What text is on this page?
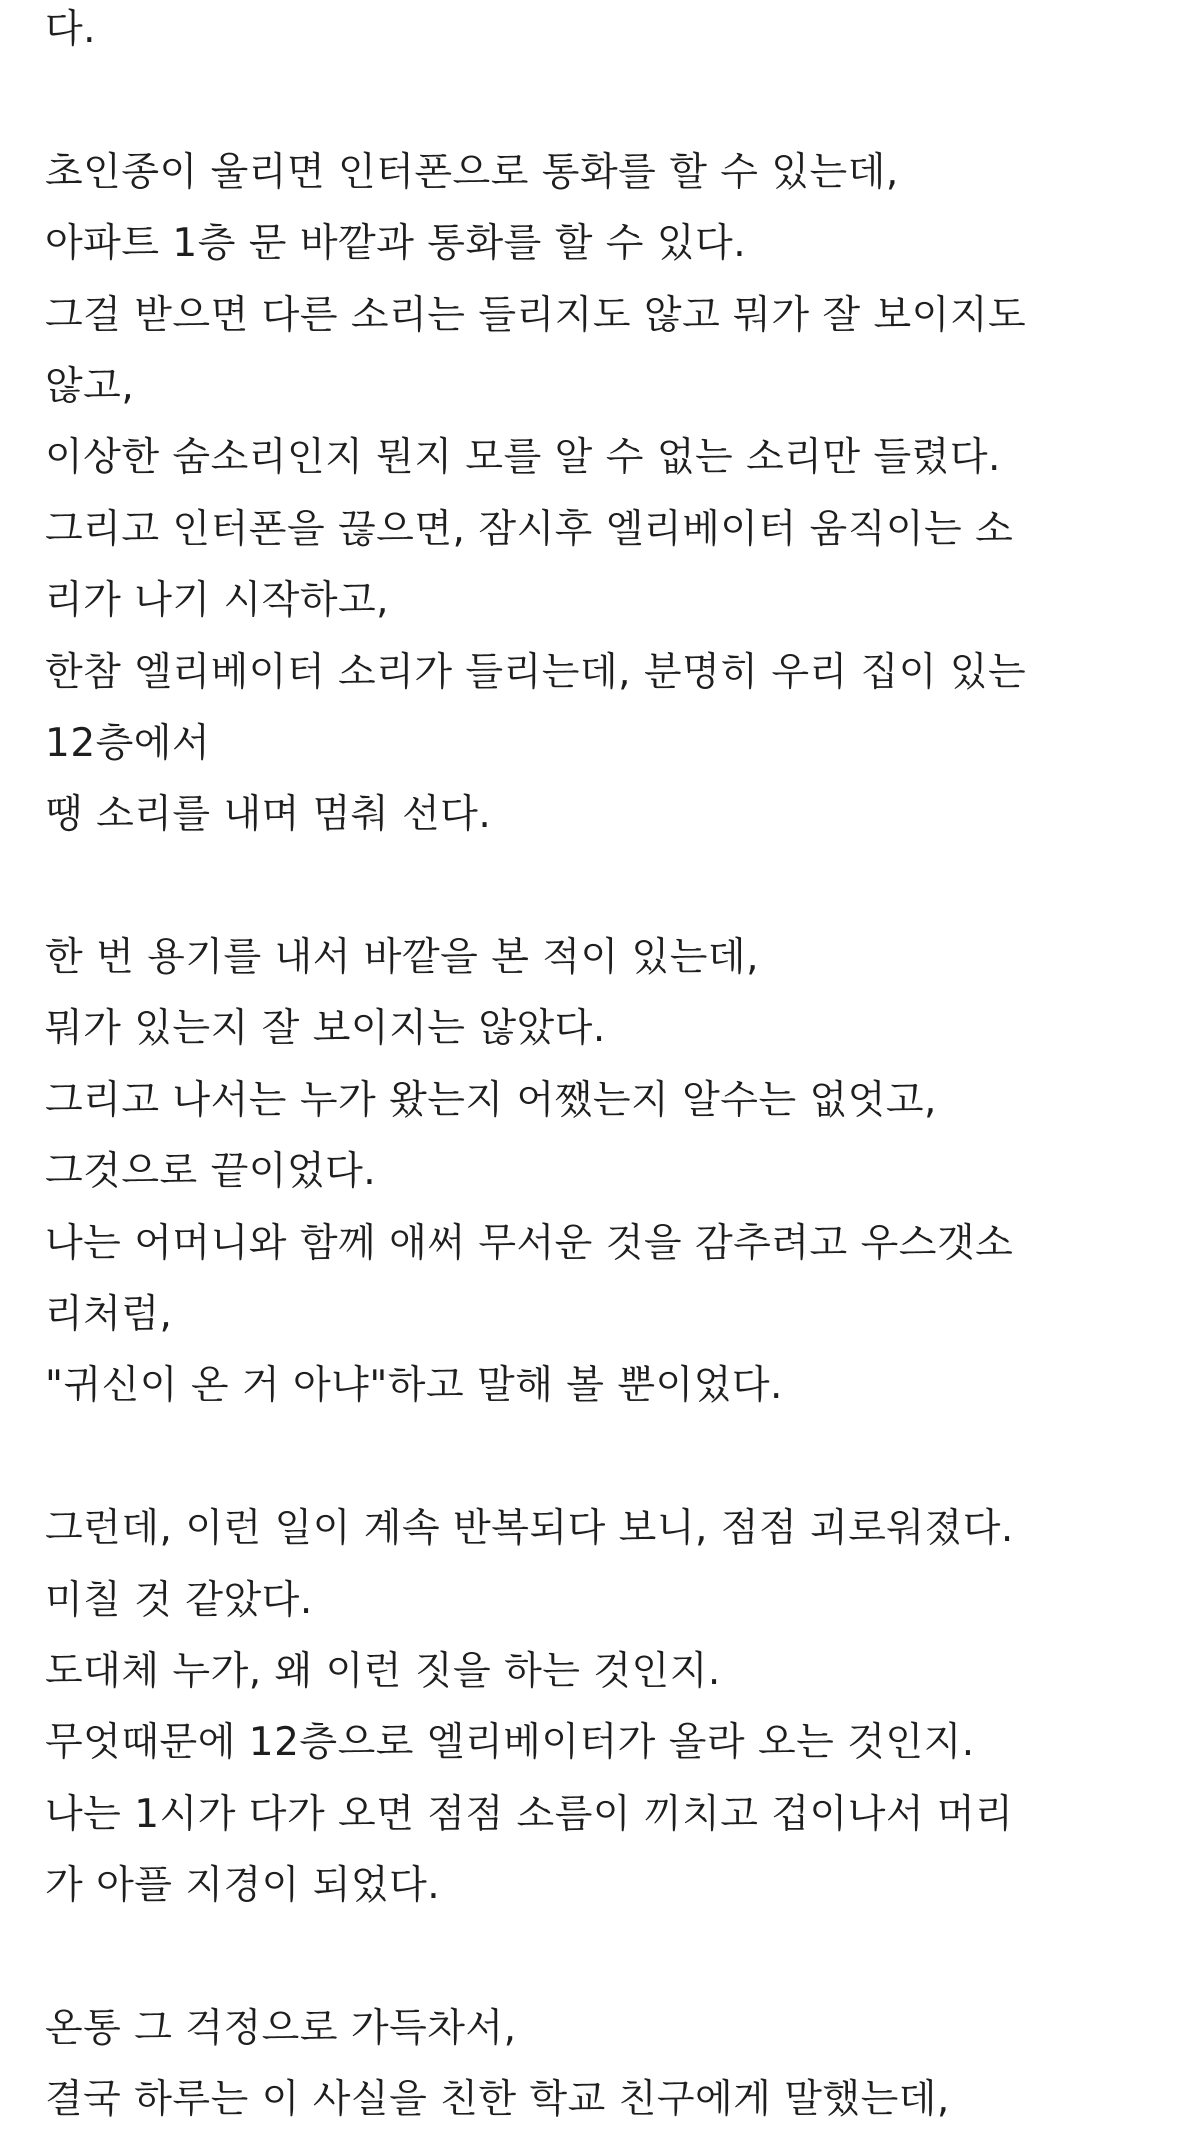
다.
초인종이 울리면 인터폰으로 통화를 할 수 있는데,
아파트 1층 문 바깥과 통화를 할 수 있다.
그걸 받으면 다른 소리는 들리지도 않고 뭐가 잘 보이지도
않고,
이상한 숨소리인지 뭔지 모를 알 수 없는 소리만 들렸다.
그리고 인터폰을 끊으면, 잠시후 엘리베이터 움직이는 소
리가 나기 시작하고,
한참 엘리베이터 소리가 들리는데, 분명히 우리 집이 있는
12층에서
땡 소리를 내며 멈춰 선다.
한 번 용기를 내서 바깥을 본 적이 있는데,
뭐가 있는지 잘 보이지는 않았다.
그리고 나서는 누가 왔는지 어쨌는지 알수는 없엇고,
그것으로 끝이었다.
나는 어머니와 함께 애써 무서운 것을 감추려고 우스갯소
리처럼,
"귀신이 온 거 아냐"하고 말해 볼 뿐이었다.
그런데, 이런 일이 계속 반복되다 보니, 점점 괴로워졌다.
미칠 것 같았다.
도대체 누가, 왜 이런 짓을 하는 것인지.
무엇때문에 12층으로 엘리베이터가 올라 오는 것인지.
나는 1시가 다가 오면 점점 소름이 끼치고 겁이나서 머리
가 아플 지경이 되었다.
온통 그 걱정으로 가득차서,
결국 하루는 이 사실을 친한 학교 친구에게 말했는데,
